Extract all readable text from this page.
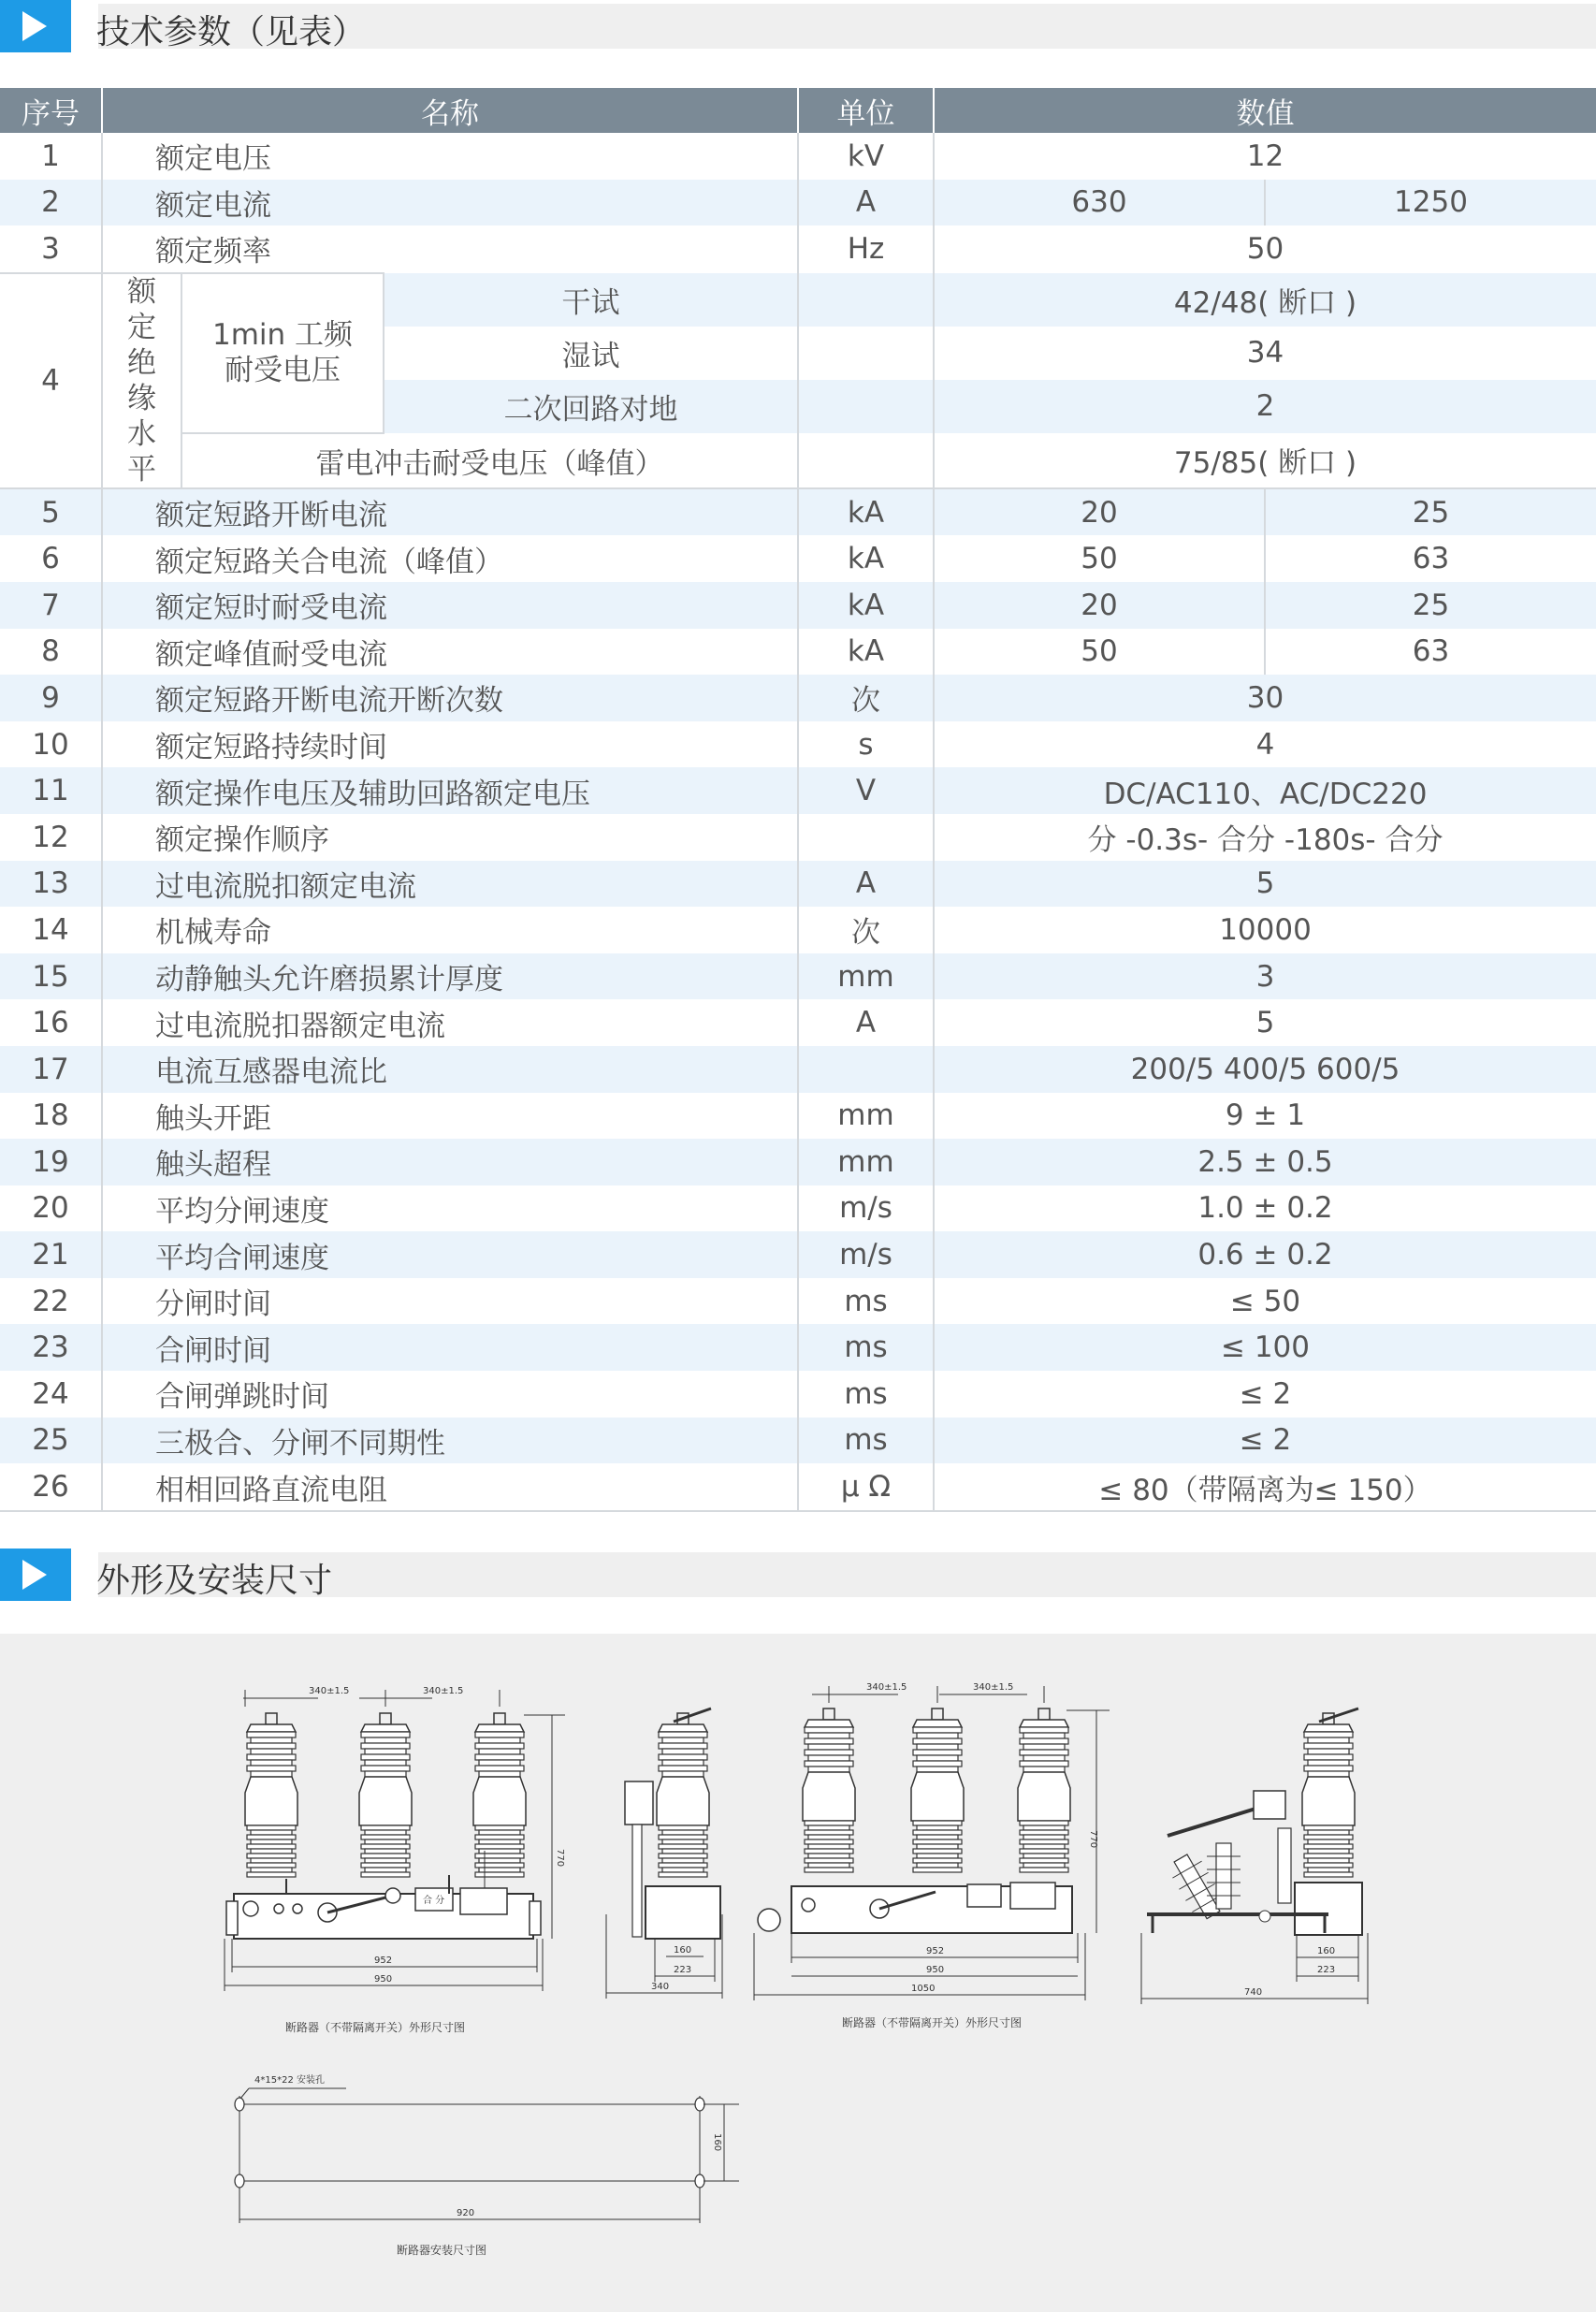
技术参数（见表）
序号	名称			单位	数值	
1	额定电压			kV	12	
2	额定电流			A	630	1250
3	额定频率			Hz	50	
4	额定绝缘水平	1min 工频耐受电压	干试		42/48( 断口 )	
			湿试		34	
			二次回路对地		2	
		雷电冲击耐受电压（峰值）			75/85( 断口 )	
5	额定短路开断电流			kA	20	25
6	额定短路关合电流（峰值）			kA	50	63
7	额定短时耐受电流			kA	20	25
8	额定峰值耐受电流			kA	50	63
9	额定短路开断电流开断次数			次	30	
10	额定短路持续时间			s	4	
11	额定操作电压及辅助回路额定电压			V	DC/AC110、AC/DC220	
12	额定操作顺序				分 -0.3s- 合分 -180s- 合分	
13	过电流脱扣额定电流			A	5	
14	机械寿命			次	10000	
15	动静触头允许磨损累计厚度			mm	3	
16	过电流脱扣器额定电流			A	5	
17	电流互感器电流比				200/5 400/5 600/5	
18	触头开距			mm	9 ± 1	
19	触头超程			mm	2.5 ± 0.5	
20	平均分闸速度			m/s	1.0 ± 0.2	
21	平均合闸速度			m/s	0.6 ± 0.2	
22	分闸时间			ms	≤ 50	
23	合闸时间			ms	≤ 100	
24	合闸弹跳时间			ms	≤ 2	
25	三极合、分闸不同期性			ms	≤ 2	
26	相相回路直流电阻			μ Ω	≤ 80（带隔离为≤ 150）	
外形及安装尺寸
340±1.5	340±1.5
合 分
952
950
770
断路器（不带隔离开关）外形尺寸图
160
223
340
340±1.5	340±1.5
952
950
1050
770
断路器（不带隔离开关）外形尺寸图
160
223
740
4*15*22 安装孔
160
920
断路器安装尺寸图
